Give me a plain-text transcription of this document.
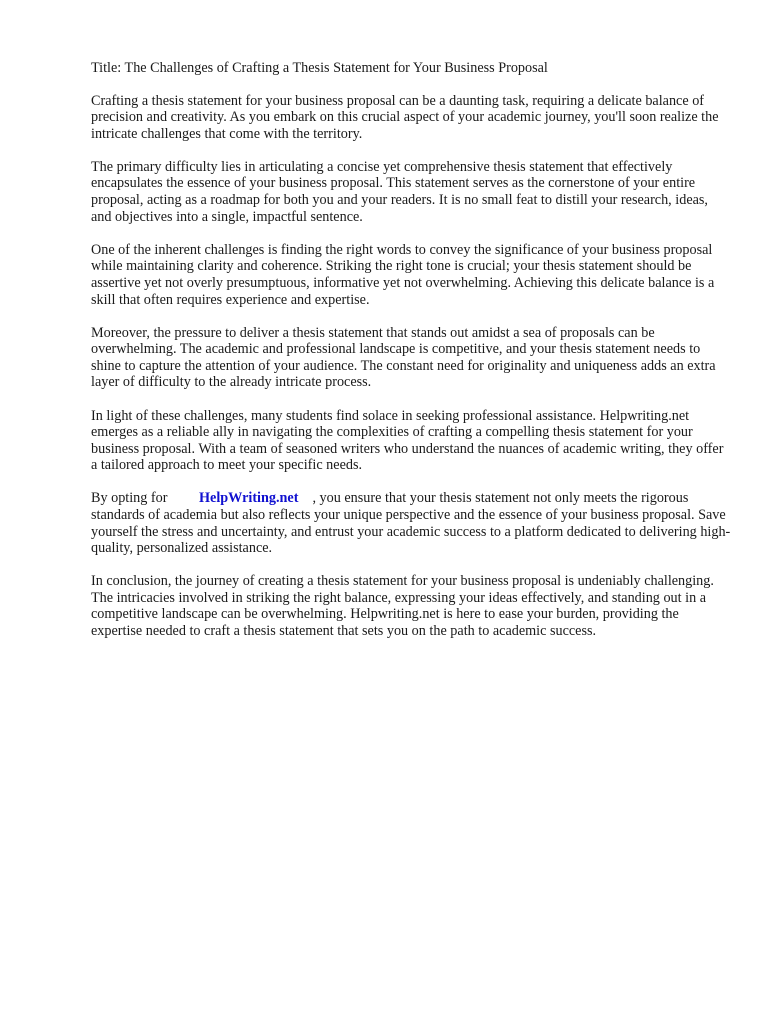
Title: The Challenges of Crafting a Thesis Statement for Your Business Proposal

Crafting a thesis statement for your business proposal can be a daunting task, requiring a delicate balance of precision and creativity. As you embark on this crucial aspect of your academic journey, you'll soon realize the intricate challenges that come with the territory.

The primary difficulty lies in articulating a concise yet comprehensive thesis statement that effectively encapsulates the essence of your business proposal. This statement serves as the cornerstone of your entire proposal, acting as a roadmap for both you and your readers. It is no small feat to distill your research, ideas, and objectives into a single, impactful sentence.

One of the inherent challenges is finding the right words to convey the significance of your business proposal while maintaining clarity and coherence. Striking the right tone is crucial; your thesis statement should be assertive yet not overly presumptuous, informative yet not overwhelming. Achieving this delicate balance is a skill that often requires experience and expertise.

Moreover, the pressure to deliver a thesis statement that stands out amidst a sea of proposals can be overwhelming. The academic and professional landscape is competitive, and your thesis statement needs to shine to capture the attention of your audience. The constant need for originality and uniqueness adds an extra layer of difficulty to the already intricate process.

In light of these challenges, many students find solace in seeking professional assistance. Helpwriting.net emerges as a reliable ally in navigating the complexities of crafting a compelling thesis statement for your business proposal. With a team of seasoned writers who understand the nuances of academic writing, they offer a tailored approach to meet your specific needs.

By opting for HelpWriting.net , you ensure that your thesis statement not only meets the rigorous standards of academia but also reflects your unique perspective and the essence of your business proposal. Save yourself the stress and uncertainty, and entrust your academic success to a platform dedicated to delivering high-quality, personalized assistance.

In conclusion, the journey of creating a thesis statement for your business proposal is undeniably challenging. The intricacies involved in striking the right balance, expressing your ideas effectively, and standing out in a competitive landscape can be overwhelming. Helpwriting.net is here to ease your burden, providing the expertise needed to craft a thesis statement that sets you on the path to academic success.
